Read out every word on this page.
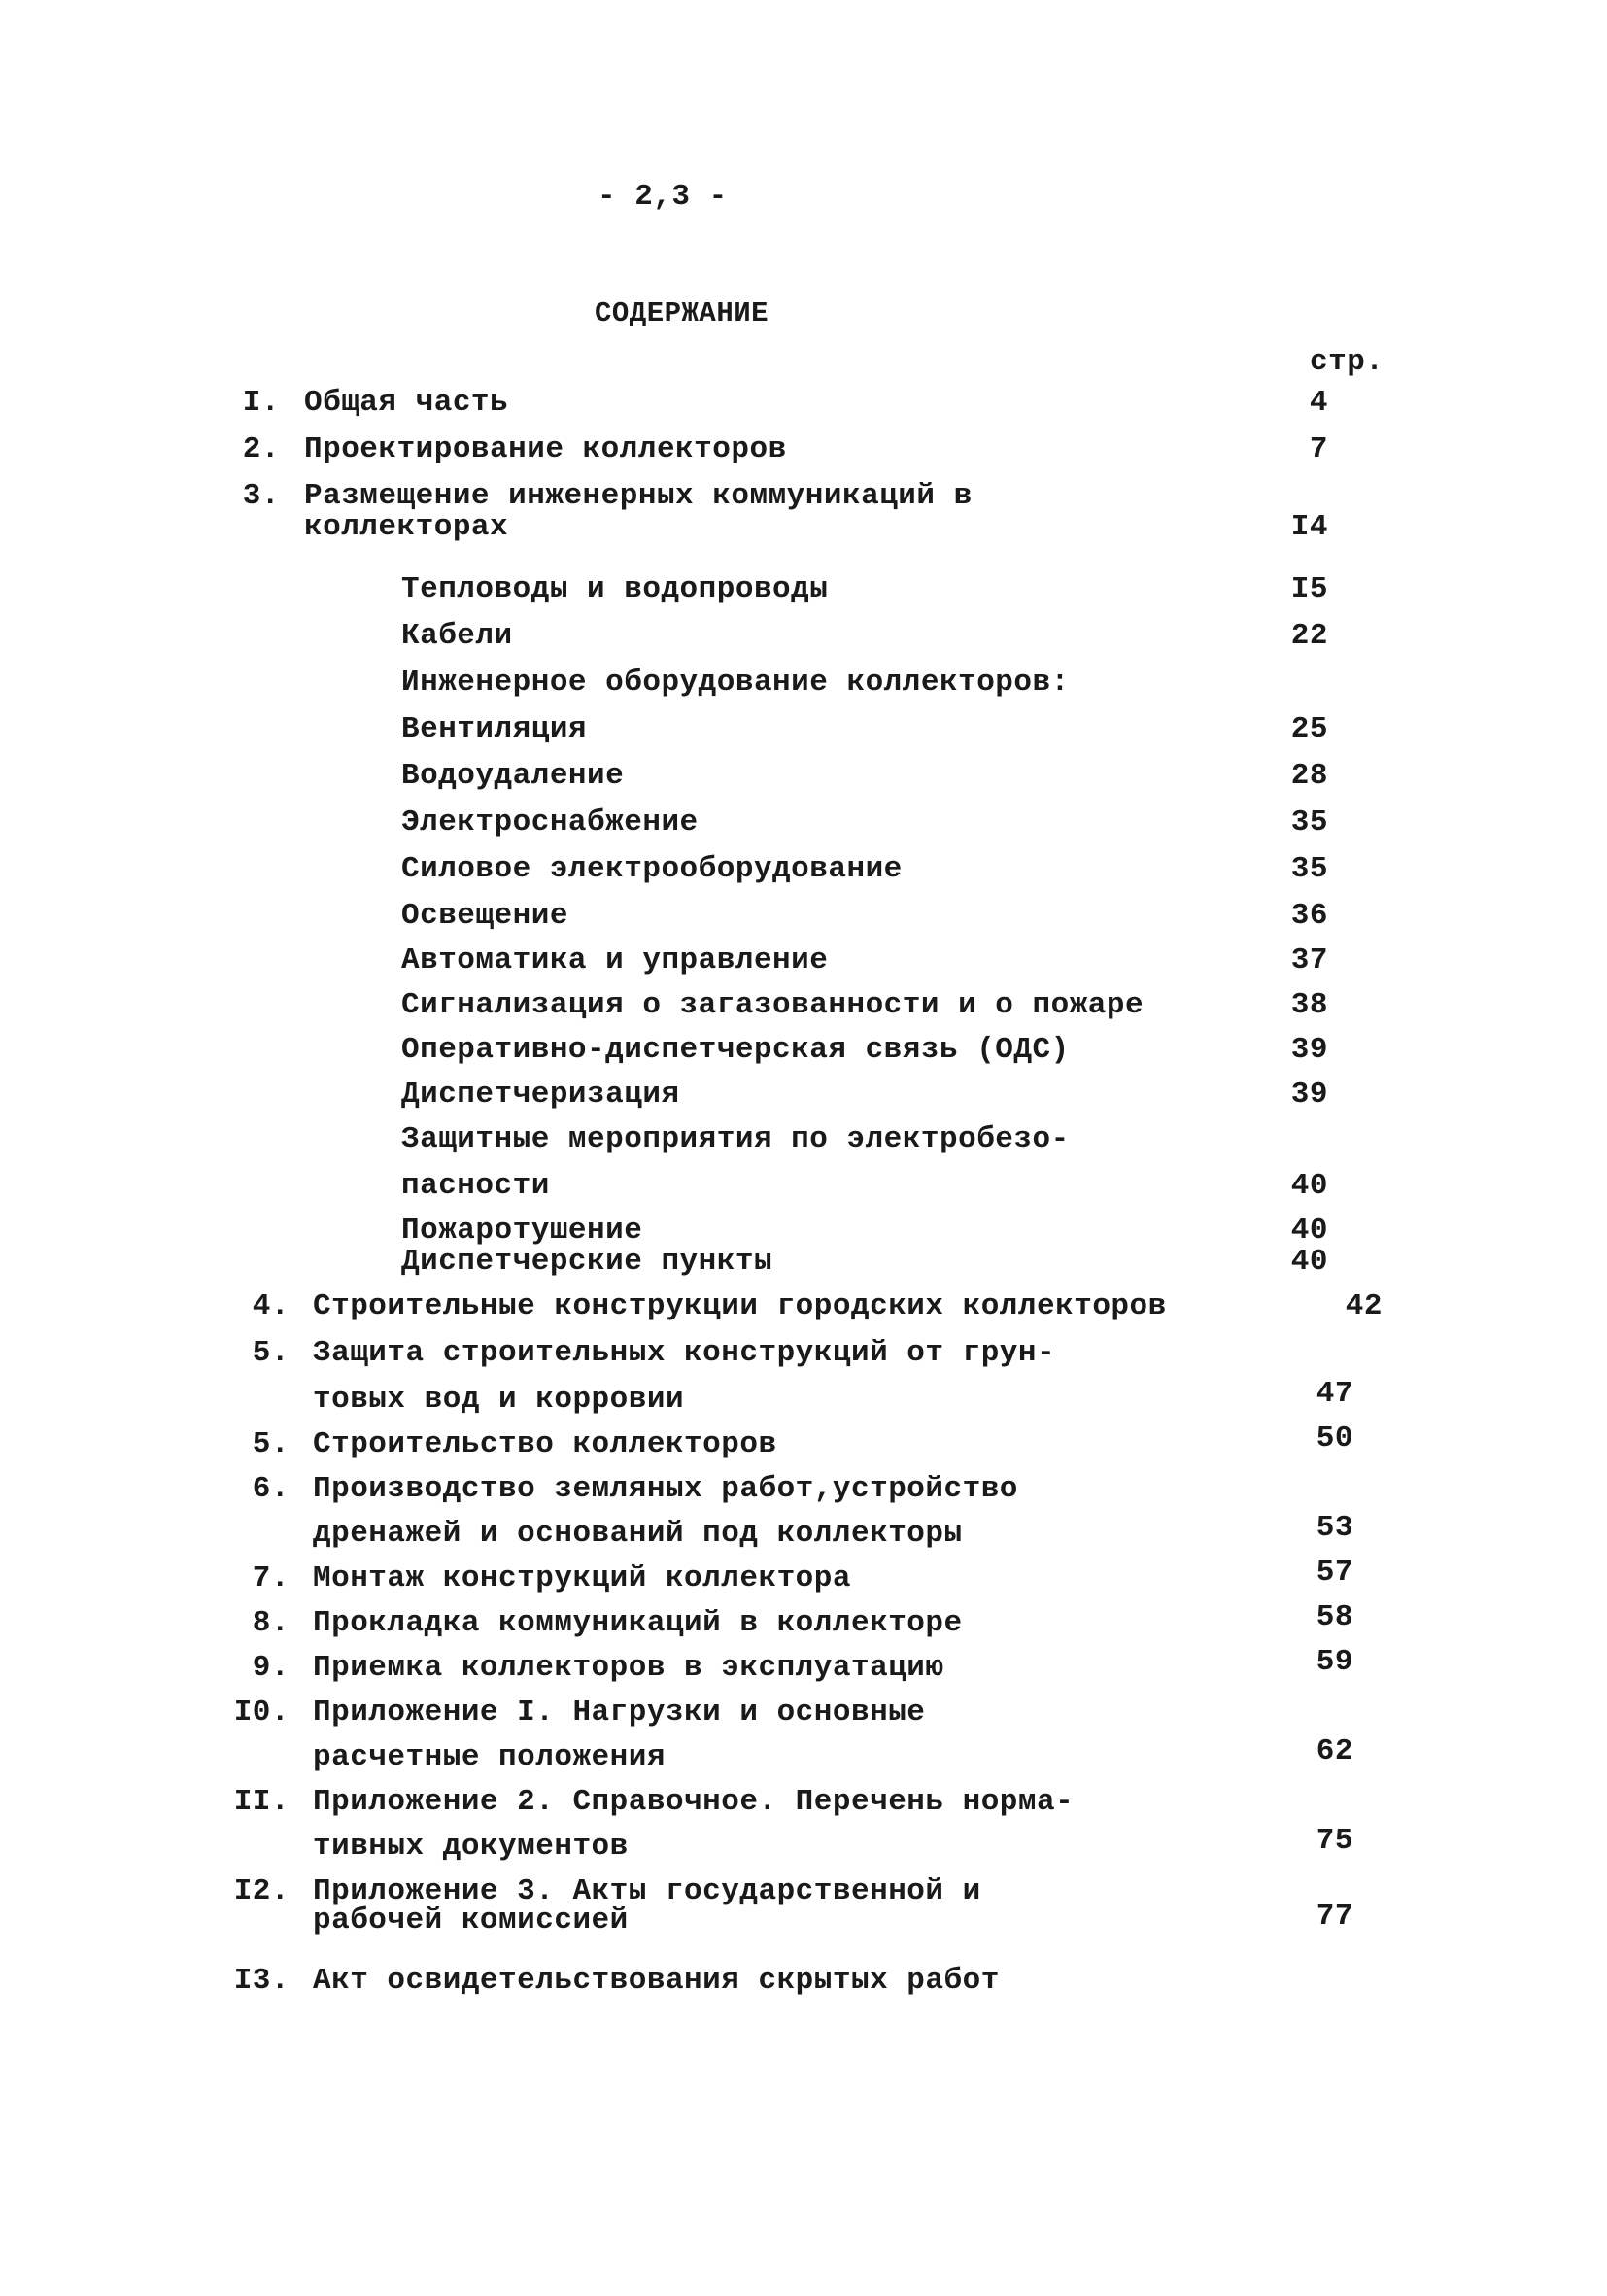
- 2,3 -
СОДЕРЖАНИЕ
стр.
I. Общая часть	4
2. Проектирование коллекторов	7
3. Размещение инженерных коммуникаций в
коллекторах	I4
Тепловоды и водопроводы	I5
Кабели	22
Инженерное оборудование коллекторов:
Вентиляция	25
Водоудаление	28
Электроснабжение	35
Силовое электрооборудование	35
Освещение	36
Автоматика и управление	37
Сигнализация о загазованности и о пожаре	38
Оперативно-диспетчерская связь (ОДС)	39
Диспетчеризация	39
Защитные мероприятия по электробезо-
пасности	40
Пожаротушение	40
Диспетчерские пункты	40
4. Строительные конструкции городских коллекторов	42
5. Защита строительных конструкций от грун-
товых вод и корровии	47
5. Строительство коллекторов	50
6. Производство земляных работ,устройство
дренажей и оснований под коллекторы	53
7. Монтаж конструкций коллектора	57
8. Прокладка коммуникаций в коллекторе	58
9. Приемка коллекторов в эксплуатацию	59
I0. Приложение I. Нагрузки и основные
расчетные положения	62
II. Приложение 2. Справочное. Перечень норма-
тивных документов	75
I2. Приложение 3. Акты государственной и
рабочей комиссией	77
I3. Акт освидетельствования скрытых работ
